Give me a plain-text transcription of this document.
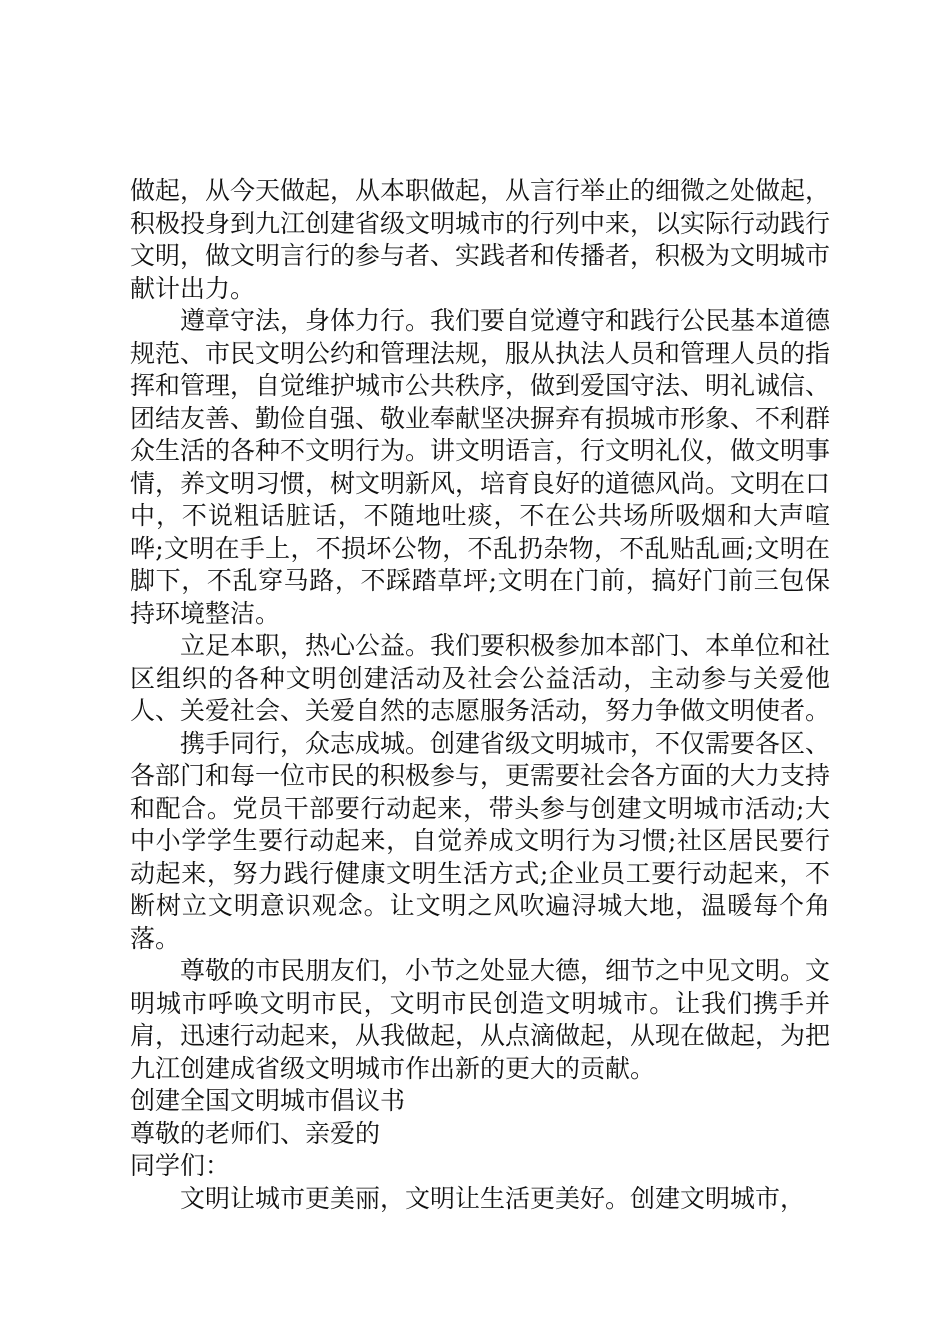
做起，从今天做起，从本职做起，从言行举止的细微之处做起，积极投身到九江创建省级文明城市的行列中来，以实际行动践行文明，做文明言行的参与者、实践者和传播者，积极为文明城市献计出力。

遵章守法，身体力行。我们要自觉遵守和践行公民基本道德规范、市民文明公约和管理法规，服从执法人员和管理人员的指挥和管理，自觉维护城市公共秩序，做到爱国守法、明礼诚信、团结友善、勤俭自强、敬业奉献坚决摒弃有损城市形象、不利群众生活的各种不文明行为。讲文明语言，行文明礼仪，做文明事情，养文明习惯，树文明新风，培育良好的道德风尚。文明在口中，不说粗话脏话，不随地吐痰，不在公共场所吸烟和大声喧哗;文明在手上，不损坏公物，不乱扔杂物，不乱贴乱画;文明在脚下，不乱穿马路，不踩踏草坪;文明在门前，搞好门前三包保持环境整洁。

立足本职，热心公益。我们要积极参加本部门、本单位和社区组织的各种文明创建活动及社会公益活动，主动参与关爱他人、关爱社会、关爱自然的志愿服务活动，努力争做文明使者。

携手同行，众志成城。创建省级文明城市，不仅需要各区、各部门和每一位市民的积极参与，更需要社会各方面的大力支持和配合。党员干部要行动起来，带头参与创建文明城市活动;大中小学学生要行动起来，自觉养成文明行为习惯;社区居民要行动起来，努力践行健康文明生活方式;企业员工要行动起来，不断树立文明意识观念。让文明之风吹遍浔城大地，温暖每个角落。

尊敬的市民朋友们，小节之处显大德，细节之中见文明。文明城市呼唤文明市民，文明市民创造文明城市。让我们携手并肩，迅速行动起来，从我做起，从点滴做起，从现在做起，为把九江创建成省级文明城市作出新的更大的贡献。

创建全国文明城市倡议书

尊敬的老师们、亲爱的

同学们：

文明让城市更美丽，文明让生活更美好。创建文明城市，
